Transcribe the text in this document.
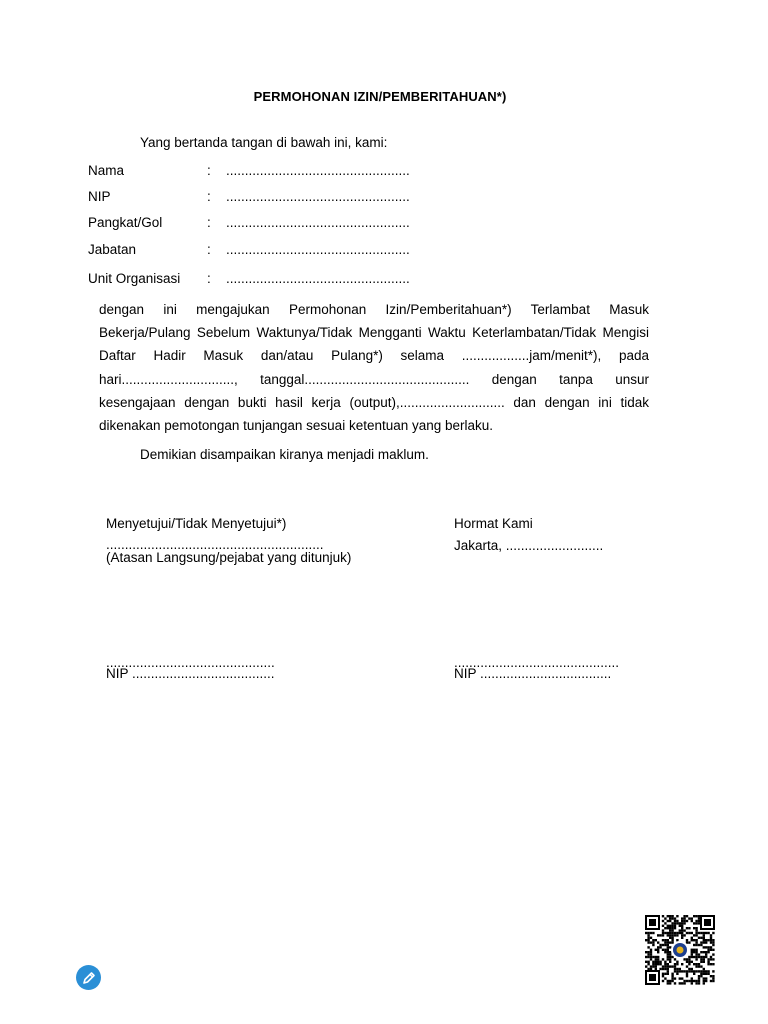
PERMOHONAN IZIN/PEMBERITAHUAN*)
Yang bertanda tangan di bawah ini, kami:
Nama	: .................................................
NIP	: .................................................
Pangkat/Gol	: .................................................
Jabatan	: .................................................
Unit Organisasi : .................................................
dengan ini mengajukan Permohonan Izin/Pemberitahuan*) Terlambat Masuk Bekerja/Pulang Sebelum Waktunya/Tidak Mengganti Waktu Keterlambatan/Tidak Mengisi Daftar Hadir Masuk dan/atau Pulang*) selama ..................jam/menit*), pada hari.............................., tanggal............................................ dengan tanpa unsur kesengajaan dengan bukti hasil kerja (output),............................ dan dengan ini tidak dikenakan pemotongan tunjangan sesuai ketentuan yang berlaku.
Demikian disampaikan kiranya menjadi maklum.
Menyetujui/Tidak Menyetujui*)
..........................................................
(Atasan Langsung/pejabat yang ditunjuk)
.............................................
NIP ......................................
Hormat Kami
Jakarta, ..........................
............................................
NIP ...................................
